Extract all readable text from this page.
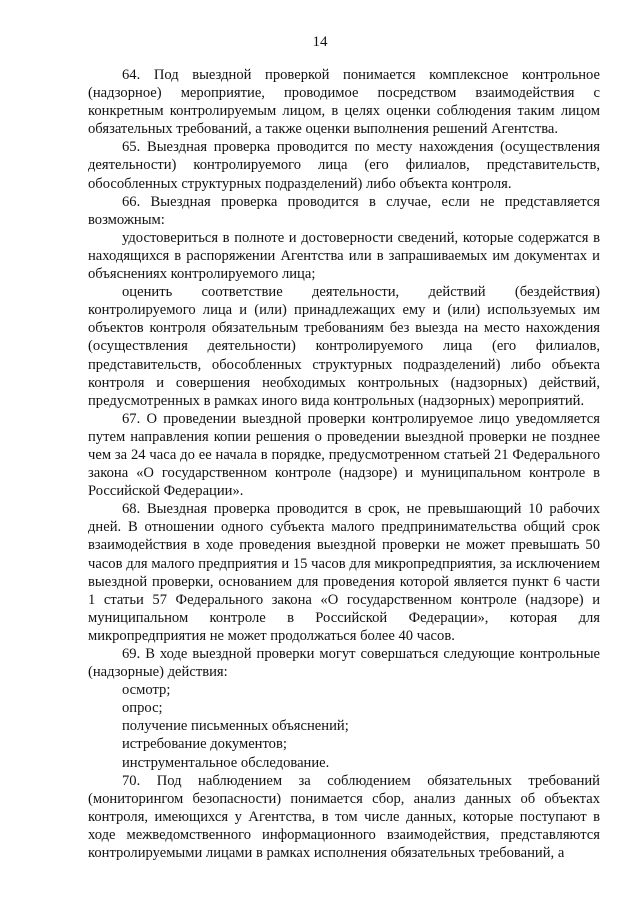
14

64. Под выездной проверкой понимается комплексное контрольное (надзорное) мероприятие, проводимое посредством взаимодействия с конкретным контролируемым лицом, в целях оценки соблюдения таким лицом обязательных требований, а также оценки выполнения решений Агентства.

65. Выездная проверка проводится по месту нахождения (осуществления деятельности) контролируемого лица (его филиалов, представительств, обособленных структурных подразделений) либо объекта контроля.

66. Выездная проверка проводится в случае, если не представляется возможным:

удостовериться в полноте и достоверности сведений, которые содержатся в находящихся в распоряжении Агентства или в запрашиваемых им документах и объяснениях контролируемого лица;

оценить соответствие деятельности, действий (бездействия) контролируемого лица и (или) принадлежащих ему и (или) используемых им объектов контроля обязательным требованиям без выезда на место нахождения (осуществления деятельности) контролируемого лица (его филиалов, представительств, обособленных структурных подразделений) либо объекта контроля и совершения необходимых контрольных (надзорных) действий, предусмотренных в рамках иного вида контрольных (надзорных) мероприятий.

67. О проведении выездной проверки контролируемое лицо уведомляется путем направления копии решения о проведении выездной проверки не позднее чем за 24 часа до ее начала в порядке, предусмотренном статьей 21 Федерального закона «О государственном контроле (надзоре) и муниципальном контроле в Российской Федерации».

68. Выездная проверка проводится в срок, не превышающий 10 рабочих дней. В отношении одного субъекта малого предпринимательства общий срок взаимодействия в ходе проведения выездной проверки не может превышать 50 часов для малого предприятия и 15 часов для микропредприятия, за исключением выездной проверки, основанием для проведения которой является пункт 6 части 1 статьи 57 Федерального закона «О государственном контроле (надзоре) и муниципальном контроле в Российской Федерации», которая для микропредприятия не может продолжаться более 40 часов.

69. В ходе выездной проверки могут совершаться следующие контрольные (надзорные) действия:

осмотр;

опрос;

получение письменных объяснений;

истребование документов;

инструментальное обследование.

70. Под наблюдением за соблюдением обязательных требований (мониторингом безопасности) понимается сбор, анализ данных об объектах контроля, имеющихся у Агентства, в том числе данных, которые поступают в ходе межведомственного информационного взаимодействия, представляются контролируемыми лицами в рамках исполнения обязательных требований, а
